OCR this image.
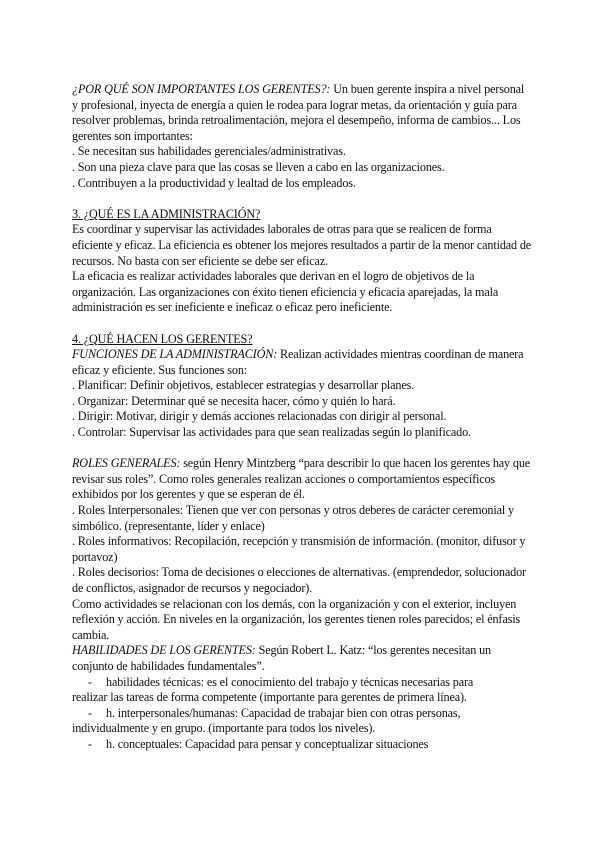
¿POR QUÉ SON IMPORTANTES LOS GERENTES?: Un buen gerente inspira a nivel personal y profesional, inyecta de energía a quien le rodea para lograr metas, da orientación y guía para resolver problemas, brinda retroalimentación, mejora el desempeño, informa de cambios... Los gerentes son importantes:

. Se necesitan sus habilidades gerenciales/administrativas.

. Son una pieza clave para que las cosas se lleven a cabo en las organizaciones.

. Contribuyen a la productividad y lealtad de los empleados.

3. ¿QUÉ ES LA ADMINISTRACIÓN?

Es coordinar y supervisar las actividades laborales de otras para que se realicen de forma eficiente y eficaz. La eficiencia es obtener los mejores resultados a partir de la menor cantidad de recursos. No basta con ser eficiente se debe ser eficaz.

La eficacia es realizar actividades laborales que derivan en el logro de objetivos de la organización. Las organizaciones con éxito tienen eficiencia y eficacia aparejadas, la mala administración es ser ineficiente e ineficaz o eficaz pero ineficiente.

4. ¿QUÉ HACEN LOS GERENTES?

FUNCIONES DE LA ADMINISTRACIÓN: Realizan actividades mientras coordinan de manera eficaz y eficiente. Sus funciones son:

. Planificar: Definir objetivos, establecer estrategias y desarrollar planes.

. Organizar: Determinar qué se necesita hacer, cómo y quién lo hará.

. Dirigir: Motivar, dirigir y demás acciones relacionadas con dirigir al personal.

. Controlar: Supervisar las actividades para que sean realizadas según lo planificado.

ROLES GENERALES: según Henry Mintzberg “para describir lo que hacen los gerentes hay que revisar sus roles”. Como roles generales realizan acciones o comportamientos específicos exhibidos por los gerentes y que se esperan de él.

. Roles Interpersonales: Tienen que ver con personas y otros deberes de carácter ceremonial y simbólico. (representante, líder y enlace)

. Roles informativos: Recopilación, recepción y transmisión de información. (monitor, difusor y portavoz)

. Roles decisorios: Toma de decisiones o elecciones de alternativas. (emprendedor, solucionador de conflictos, asignador de recursos y negociador).

Como actividades se relacionan con los demás, con la organización y con el exterior, incluyen reflexión y acción. En niveles en la organización, los gerentes tienen roles parecidos; el énfasis cambia.

HABILIDADES DE LOS GERENTES: Según Robert L. Katz: “los gerentes necesitan un conjunto de habilidades fundamentales”.

- habilidades técnicas: es el conocimiento del trabajo y técnicas necesarias para

realizar las tareas de forma competente (importante para gerentes de primera línea).

- h. interpersonales/humanas: Capacidad de trabajar bien con otras personas,

individualmente y en grupo. (importante para todos los niveles).

- h. conceptuales: Capacidad para pensar y conceptualizar situaciones
